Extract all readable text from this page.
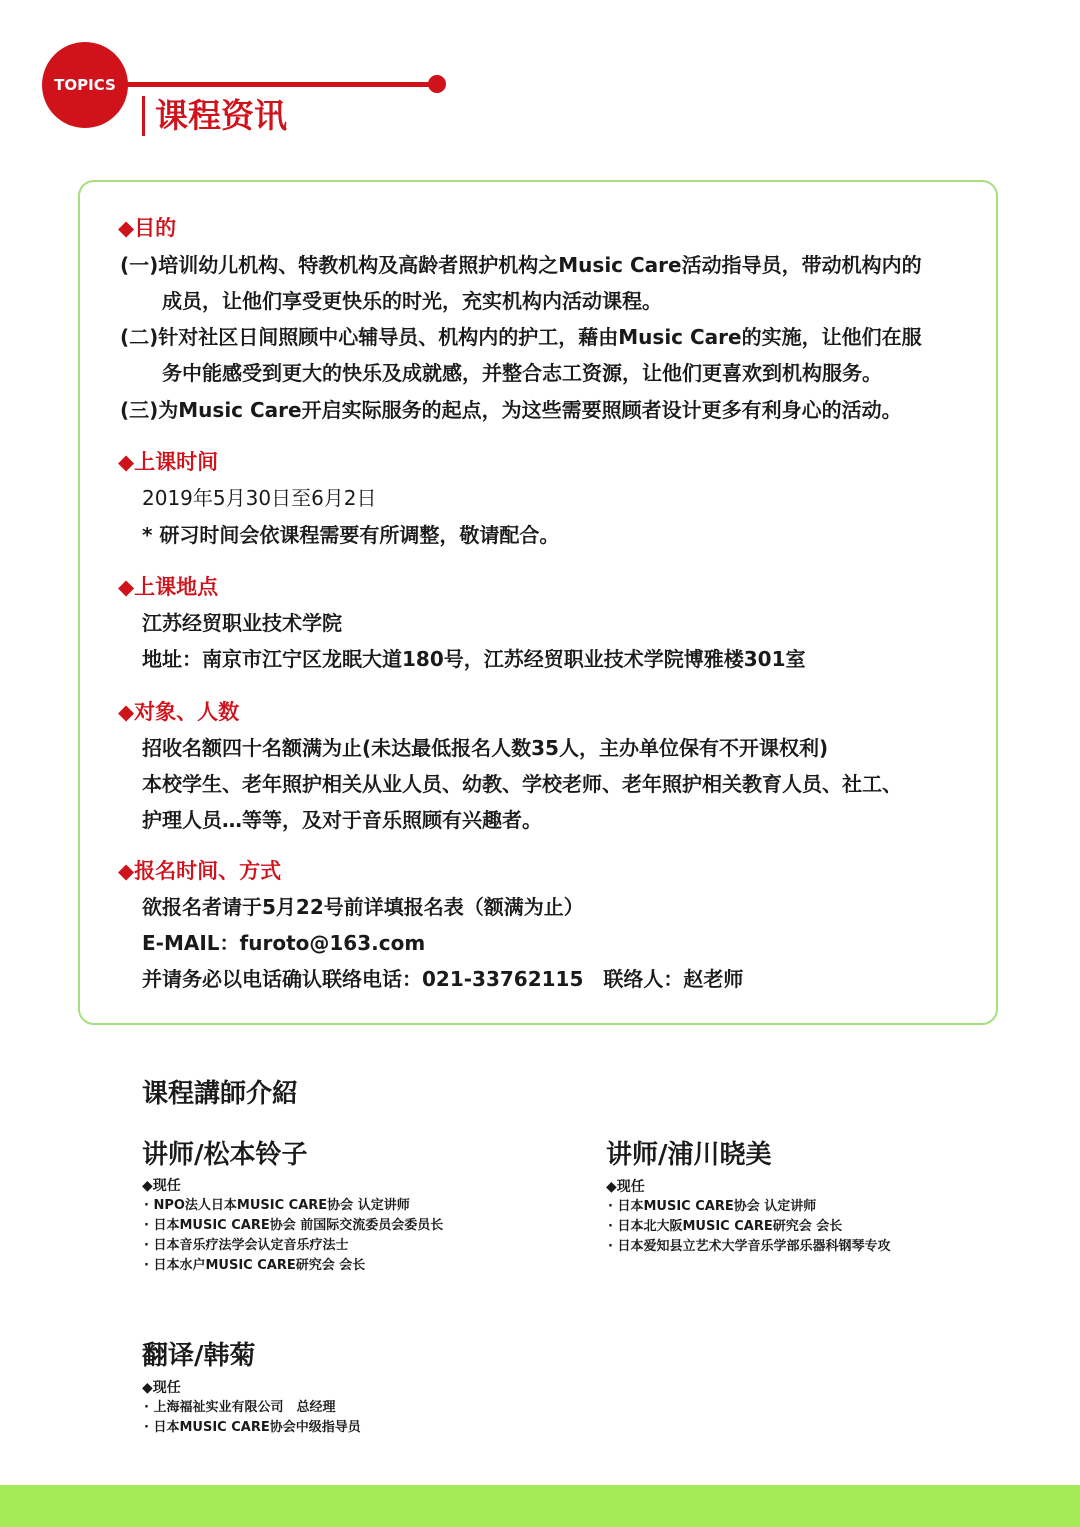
TOPICS
课程资讯
◆目的
(一)培训幼儿机构、特教机构及高龄者照护机构之Music Care活动指导员，带动机构内的
成员，让他们享受更快乐的时光，充实机构内活动课程。
(二)针对社区日间照顾中心辅导员、机构内的护工，藉由Music Care的实施，让他们在服
务中能感受到更大的快乐及成就感，并整合志工资源，让他们更喜欢到机构服务。
(三)为Music Care开启实际服务的起点，为这些需要照顾者设计更多有利身心的活动。
◆上课时间
2019年5月30日至6月2日
* 研习时间会依课程需要有所调整，敬请配合。
◆上课地点
江苏经贸职业技术学院
地址：南京市江宁区龙眠大道180号，江苏经贸职业技术学院博雅楼301室
◆对象、人数
招收名额四十名额满为止(未达最低报名人数35人，主办单位保有不开课权利)
本校学生、老年照护相关从业人员、幼教、学校老师、老年照护相关教育人员、社工、
护理人员…等等，及对于音乐照顾有兴趣者。
◆报名时间、方式
欲报名者请于5月22号前详填报名表（额满为止）
E-MAIL：furoto@163.com
并请务必以电话确认联络电话：021-33762115　联络人：赵老师
课程講師介紹
讲师/松本铃子
◆现任
· NPO法人日本MUSIC CARE协会 认定讲师
· 日本MUSIC CARE协会 前国际交流委员会委员长
· 日本音乐疗法学会认定音乐疗法士
· 日本水户MUSIC CARE研究会 会长
讲师/浦川晓美
◆现任
· 日本MUSIC CARE协会 认定讲师
· 日本北大阪MUSIC CARE研究会 会长
· 日本爱知县立艺术大学音乐学部乐器科钢琴专攻
翻译/韩菊
◆现任
· 上海福祉实业有限公司　总经理
· 日本MUSIC CARE协会中级指导员
